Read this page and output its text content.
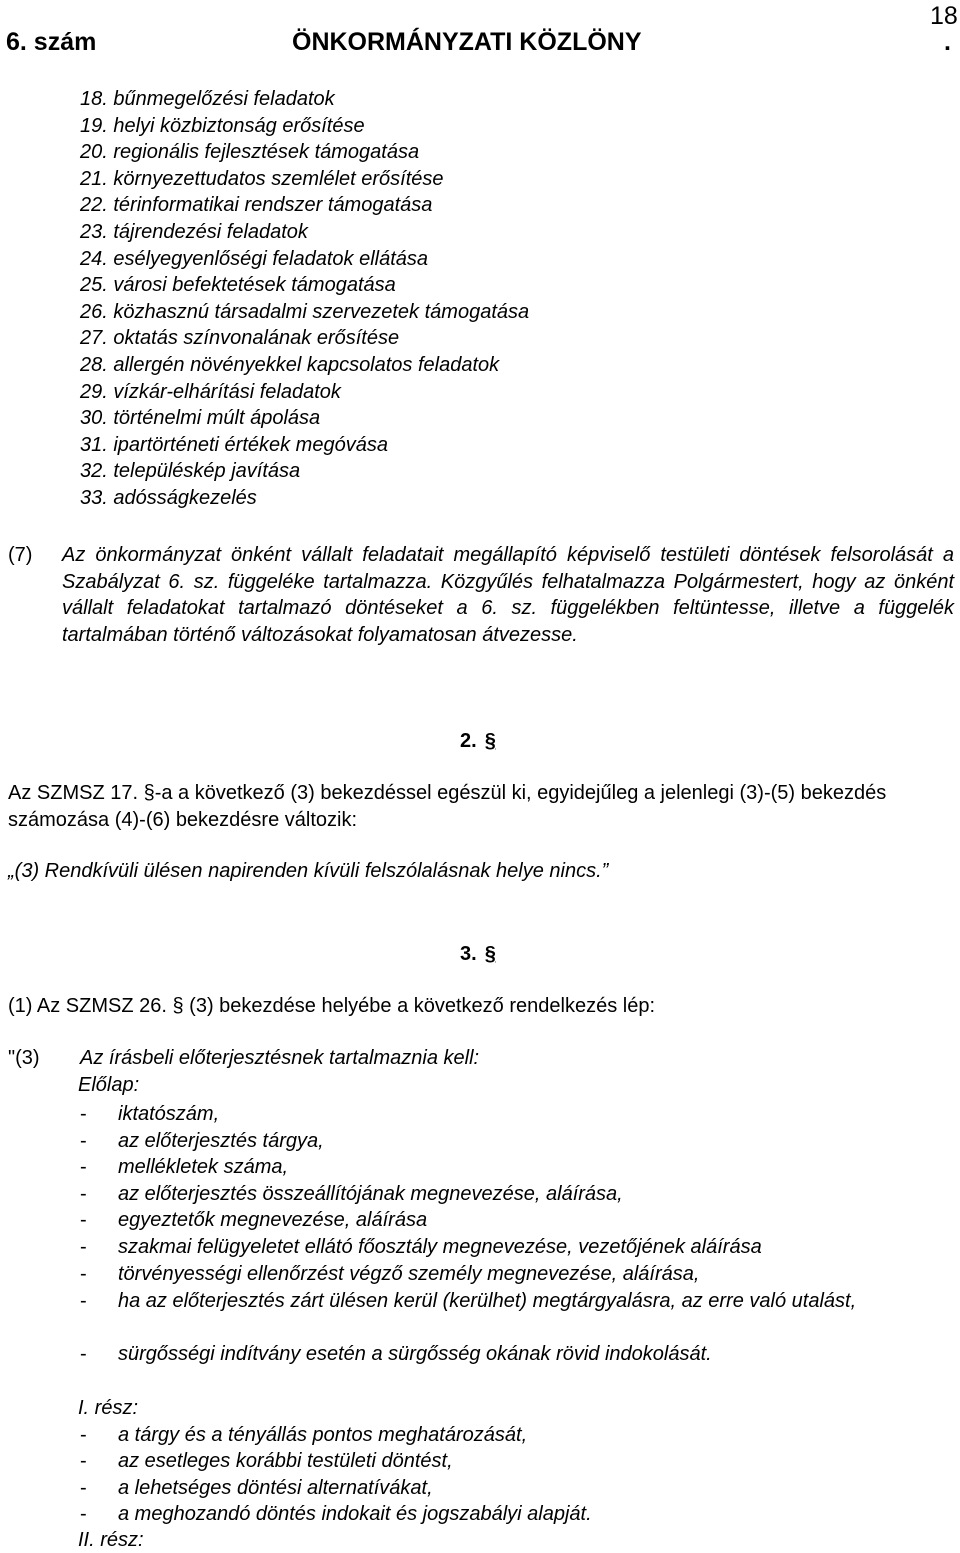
6. szám	ÖNKORMÁNYZATI KÖZLÖNY	.
18
18. bűnmegelőzési feladatok
19. helyi közbiztonság erősítése
20. regionális fejlesztések támogatása
21. környezettudatos szemlélet erősítése
22. térinformatikai rendszer támogatása
23. tájrendezési feladatok
24. esélyegyenlőségi feladatok ellátása
25. városi befektetések támogatása
26. közhasznú társadalmi szervezetek támogatása
27. oktatás színvonalának erősítése
28. allergén növényekkel kapcsolatos feladatok
29. vízkár-elhárítási feladatok
30. történelmi múlt ápolása
31. ipartörténeti értékek megóvása
32. településkép javítása
33. adósságkezelés
(7) Az önkormányzat önként vállalt feladatait megállapító képviselő testületi döntések felsorolását a Szabályzat 6. sz. függeléke tartalmazza. Közgyűlés felhatalmazza Polgármestert, hogy az önként vállalt feladatokat tartalmazó döntéseket a 6. sz. függelékben feltüntesse, illetve a függelék tartalmában történő változásokat folyamatosan átvezesse.
2. §
Az SZMSZ 17. §-a a következő (3) bekezdéssel egészül ki, egyidejűleg a jelenlegi (3)-(5) bekezdés számozása (4)-(6) bekezdésre változik:
„(3) Rendkívüli ülésen napirenden kívüli felszólalásnak helye nincs.”
3. §
(1) Az SZMSZ 26. § (3) bekezdése helyébe a következő rendelkezés lép:
"(3) Az írásbeli előterjesztésnek tartalmaznia kell:
Előlap:
- iktatószám,
- az előterjesztés tárgya,
- mellékletek száma,
- az előterjesztés összeállítójának megnevezése, aláírása,
- egyeztetők megnevezése, aláírása
- szakmai felügyeletet ellátó főosztály megnevezése, vezetőjének aláírása
- törvényességi ellenőrzést végző személy megnevezése, aláírása,
- ha az előterjesztés zárt ülésen kerül (kerülhet) megtárgyalásra, az erre való utalást,
- sürgősségi indítvány esetén a sürgősség okának rövid indokolását.
I. rész:
- a tárgy és a tényállás pontos meghatározását,
- az esetleges korábbi testületi döntést,
- a lehetséges döntési alternatívákat,
- a meghozandó döntés indokait és jogszabályi alapját.
II. rész:
